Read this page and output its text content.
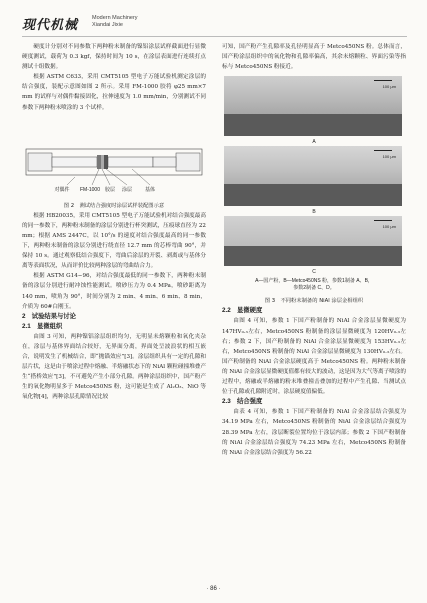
现代机械	Modern Machinery
Xiandai Jixie

硬度计分别对不同参数下两种粉末制备的镍铝涂层试样截面进行显微硬度测试，载荷为 0.3 kgf，保持时间为 10 s，在涂层表面进行连续打点测试十组数据。

根据 ASTM C633，采用 CMT5105 型电子万能试验机测定涂层的结合强度，装配示意图如图 2 所示。采用 FM-1000 胶将 φ25 mm×7 mm 的试样与对偶件黏接固化，拉伸速度为 1.0 mm/min，分别测试不同参数下两种粉末喷涂的 3 个试样。

对偶件	FM-1000 胶层	涂层	基体

图 2　测试结合强度时涂层试样装配图示意

根据 HB20035，采用 CMT5105 型电子万能试验机对结合强度最高的同一参数下，两种粉末制备的涂层分别进行杯突测试，压痕球直径为 22 mm；根据 AMS 2447C，以 10°/s 的速度对结合强度最高的同一参数下，两种粉末制备的涂层分别进行绕直径 12.7 mm 的芯棒弯曲 90°，并保持 10 s。通过观察低结合强度下，弯曲后涂层的开裂、剥离或与基体分离等表面状况，从而评价比较两种涂层的弯曲结合力。

根据 ASTM G14−96，对结合强度最低的同一参数下，两种粉末制备的涂层分别进行耐冲蚀性能测试。喷砂压力为 0.4 MPa，喷砂距离为 140 mm，喷角为 90°，时间分别为 2 min、4 min、6 min、8 min，介质为 60#白刚玉。

2　试验结果与讨论

2.1　显微组织

由图 3 可知，两种镍铝涂层组织均匀，无明显未熔颗粒和氧化夹杂在，涂层与基体界面结合较好，无界面分离，界面处呈波浪状的相互嵌合，说明发生了机械结合，即“抛锚效应”[3]。涂层组织具有一定的孔隙和层片状，这是由于喷涂过程中熔融、半熔融状态下的 NiAl 颗粒碰撞堆叠产生“搭桥效应”[3]，不可避免产生小部分孔隙。两种涂层组织中，国产粉产生的氧化物明显多于 Metco450NS 粉，这可能是生成了 Al₂O₃、NiO 等氧化物[4]，两种涂层孔隙情况比较

可知，国产粉产生孔隙率及孔径明显高于 Metco450NS 粉。总体而言，国产粉涂层组织中的氧化物和孔隙率偏高，其余未熔颗粒、界面污染等指标与 Metco450NS 粉接近。

100 μm
A
100 μm
B
100 μm
C
A—国产粉，B—Metco450NS 粉，参数1制备 A、B，
参数2制备 C、D。

图 3　不同粉末制备的 NiAl 涂层金相组织

2.2　显微硬度

由图 4 可知，参数 1 下国产粉制备的 NiAl 合金涂层显微硬度为 147HV₀.₃左右，Metco450NS 粉制备的涂层显微硬度为 120HV₀.₃左右；参数 2 下，国产粉制备的 NiAl 合金涂层显微硬度为 153HV₀.₃左右，Metco450NS 粉制备的 NiAl 合金涂层显微硬度为 130HV₀.₃左右。国产粉制备的 NiAl 合金涂层硬度高于 Metco450NS 粉。两种粉末制备的 NiAl 合金涂层显微硬度值都有较大的波动，这是因为大气等离子喷涂的过程中，熔融或半熔融的粉末堆叠撞击叠加的过程中产生孔隙、当测试点位于孔隙或孔隙附近时，涂层硬度值偏低。

2.3　结合强度

由表 4 可知，参数 1 下国产粉制备的 NiAl 合金涂层结合强度为 34.19 MPa 左右，Metco450NS 粉制备的 NiAl 合金涂层结合强度为 28.39 MPa 左右，涂层断裂位置均位于涂层内部；参数 2 下国产粉制备的 NiAl 合金涂层结合强度为 74.23 MPa 左右，Metco450NS 粉制备的 NiAl 合金涂层结合强度为 56.22

· 86 ·
